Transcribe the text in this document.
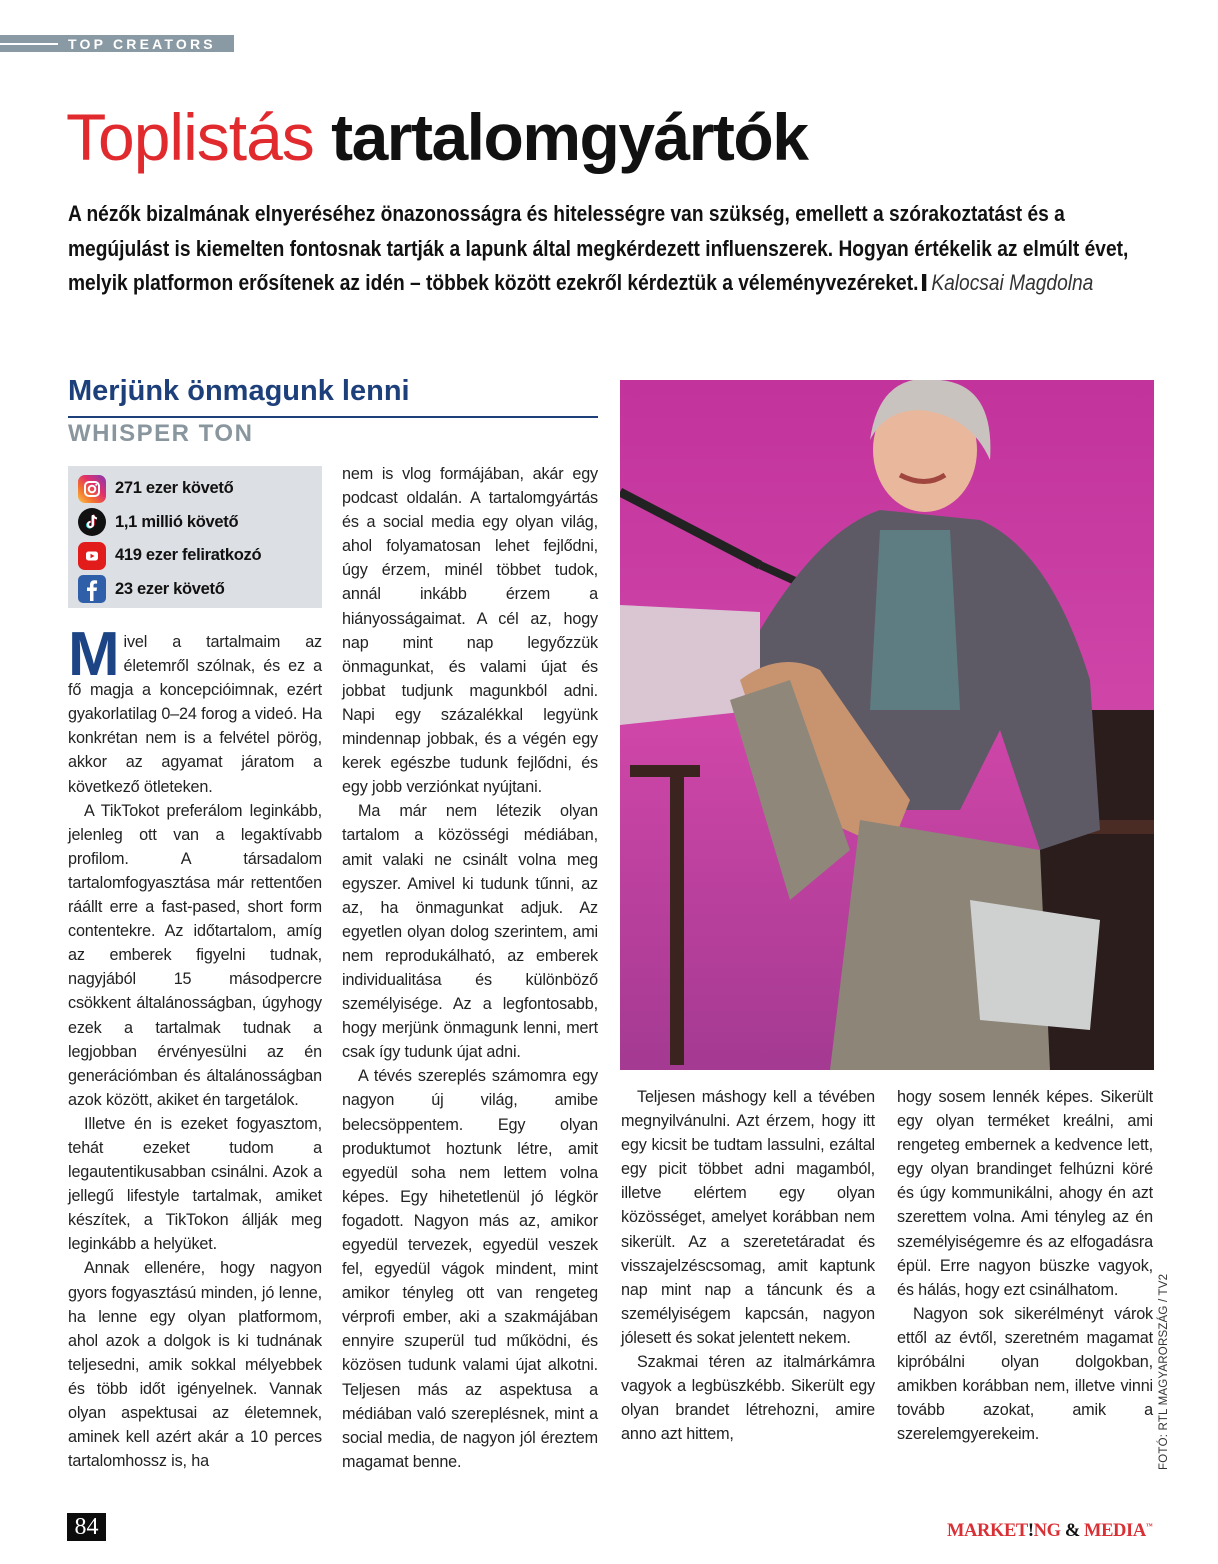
TOP CREATORS
Toplistás tartalomgyártók
A nézők bizalmának elnyeréséhez önazonosságra és hitelességre van szükség, emellett a szórakoztatást és a megújulást is kiemelten fontosnak tartják a lapunk által megkérdezett influenszerek. Hogyan értékelik az elmúlt évet, melyik platformon erősítenek az idén – többek között ezekről kérdeztük a véleményvezéreket. Kalocsai Magdolna
Merjünk önmagunk lenni
WHISPER TON
271 ezer követő
1,1 millió követő
419 ezer feliratkozó
23 ezer követő

Mivel a tartalmaim az életemről szólnak, és ez a fő magja a koncepcióimnak, ezért gyakorlatilag 0–24 forog a videó. Ha konkrétan nem is a felvétel pörög, akkor az agyamat járatom a következő ötleteken.

A TikTokot preferálom leginkább, jelenleg ott van a legaktívabb profilom. A társadalom tartalomfogyasztása már rettentően ráállt erre a fast-pased, short form contentekre. Az időtartalom, amíg az emberek figyelni tudnak, nagyjából 15 másodpercre csökkent általánosságban, úgyhogy ezek a tartalmak tudnak a legjobban érvényesülni az én generációmban és általánosságban azok között, akiket én targetálok.

Illetve én is ezeket fogyasztom, tehát ezeket tudom a legautentikusabban csinálni. Azok a jellegű lifestyle tartalmak, amiket készítek, a TikTokon állják meg leginkább a helyüket.

Annak ellenére, hogy nagyon gyors fogyasztású minden, jó lenne, ha lenne egy olyan platformom, ahol azok a dolgok is ki tudnának teljesedni, amik sokkal mélyebbek és több időt igényelnek. Vannak olyan aspektusai az életemnek, aminek kell azért akár a 10 perces tartalomhossz is, ha

nem is vlog formájában, akár egy podcast oldalán. A tartalomgyártás és a social media egy olyan világ, ahol folyamatosan lehet fejlődni, úgy érzem, minél többet tudok, annál inkább érzem a hiányosságaimat. A cél az, hogy nap mint nap legyőzzük önmagunkat, és valami újat és jobbat tudjunk magunkból adni. Napi egy százalékkal legyünk mindennap jobbak, és a végén egy kerek egészbe tudunk fejlődni, és egy jobb verziónkat nyújtani.

Ma már nem létezik olyan tartalom a közösségi médiában, amit valaki ne csinált volna meg egyszer. Amivel ki tudunk tűnni, az az, ha önmagunkat adjuk. Az egyetlen olyan dolog szerintem, ami nem reprodukálható, az emberek individualitása és különböző személyisége. Az a legfontosabb, hogy merjünk önmagunk lenni, mert csak így tudunk újat adni.

A tévés szereplés számomra egy nagyon új világ, amibe belecsöppentem. Egy olyan produktumot hoztunk létre, amit egyedül soha nem lettem volna képes. Egy hihetetlenül jó légkör fogadott. Nagyon más az, amikor egyedül tervezek, egyedül veszek fel, egyedül vágok mindent, mint amikor tényleg ott van rengeteg vérprofi ember, aki a szakmájában ennyire szuperül tud működni, és közösen tudunk valami újat alkotni. Teljesen más az aspektusa a médiában való szereplésnek, mint a social media, de nagyon jól éreztem magamat benne.

Teljesen máshogy kell a tévében megnyilvánulni. Azt érzem, hogy itt egy kicsit be tudtam lassulni, ezáltal egy picit többet adni magamból, illetve elértem egy olyan közösséget, amelyet korábban nem sikerült. Az a szeretetáradat és visszajelzéscsomag, amit kaptunk nap mint nap a táncunk és a személyiségem kapcsán, nagyon jólesett és sokat jelentett nekem.

Szakmai téren az italmárkámra vagyok a legbüszkébb. Sikerült egy olyan brandet létrehozni, amire anno azt hittem,

hogy sosem lennék képes. Sikerült egy olyan terméket kreálni, ami rengeteg embernek a kedvence lett, egy olyan brandinget felhúzni köré és úgy kommunikálni, ahogy én azt szerettem volna. Ami tényleg az én személyiségemre és az elfogadásra épül. Erre nagyon büszke vagyok, és hálás, hogy ezt csinálhatom.

Nagyon sok sikerélményt várok ettől az évtől, szeretném magamat kipróbálni olyan dolgokban, amikben korábban nem, illetve vinni tovább azokat, amik a szerelemgyerekeim.	FOTÓ: RTL MAGYARORSZÁG / TV2
84	MARKET!NG & MEDIA™
